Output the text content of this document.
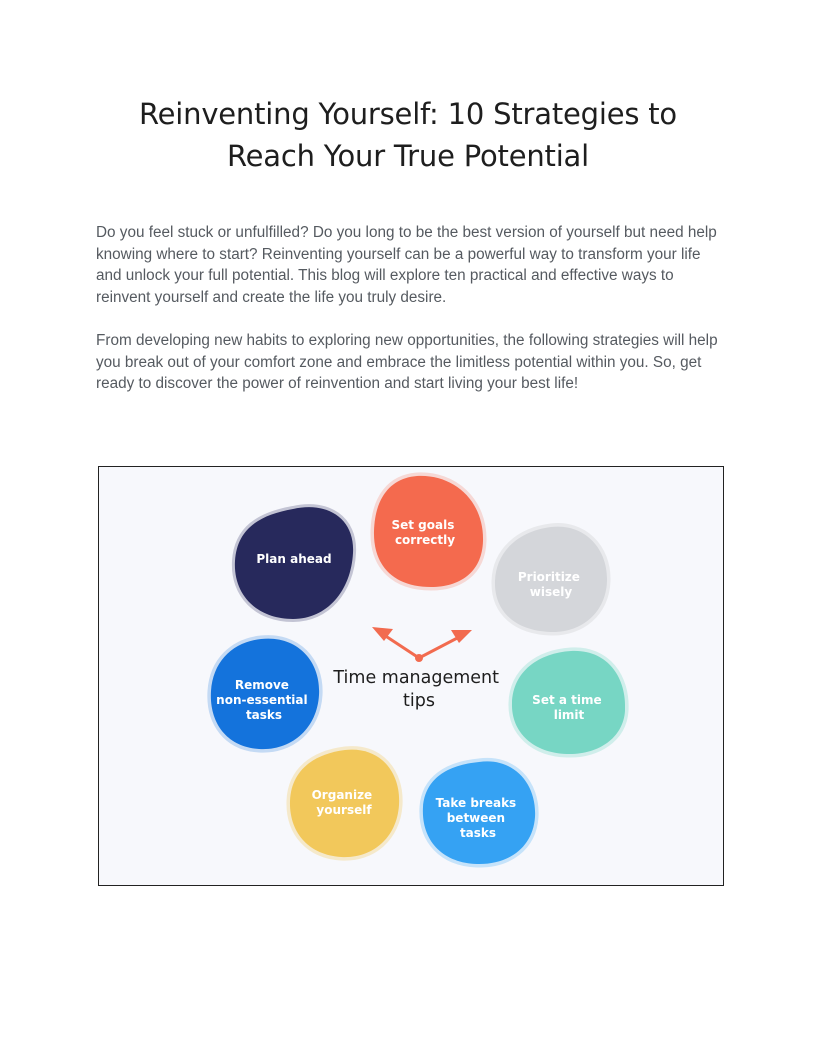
Reinventing Yourself: 10 Strategies to Reach Your True Potential

Do you feel stuck or unfulfilled? Do you long to be the best version of yourself but need help knowing where to start? Reinventing yourself can be a powerful way to transform your life and unlock your full potential. This blog will explore ten practical and effective ways to reinvent yourself and create the life you truly desire.

From developing new habits to exploring new opportunities, the following strategies will help you break out of your comfort zone and embrace the limitless potential within you. So, get ready to discover the power of reinvention and start living your best life!

Plan ahead
Set goals correctly
Prioritize wisely
Set a time limit
Take breaks between tasks
Organize yourself
Remove non-essential tasks
Time management tips
